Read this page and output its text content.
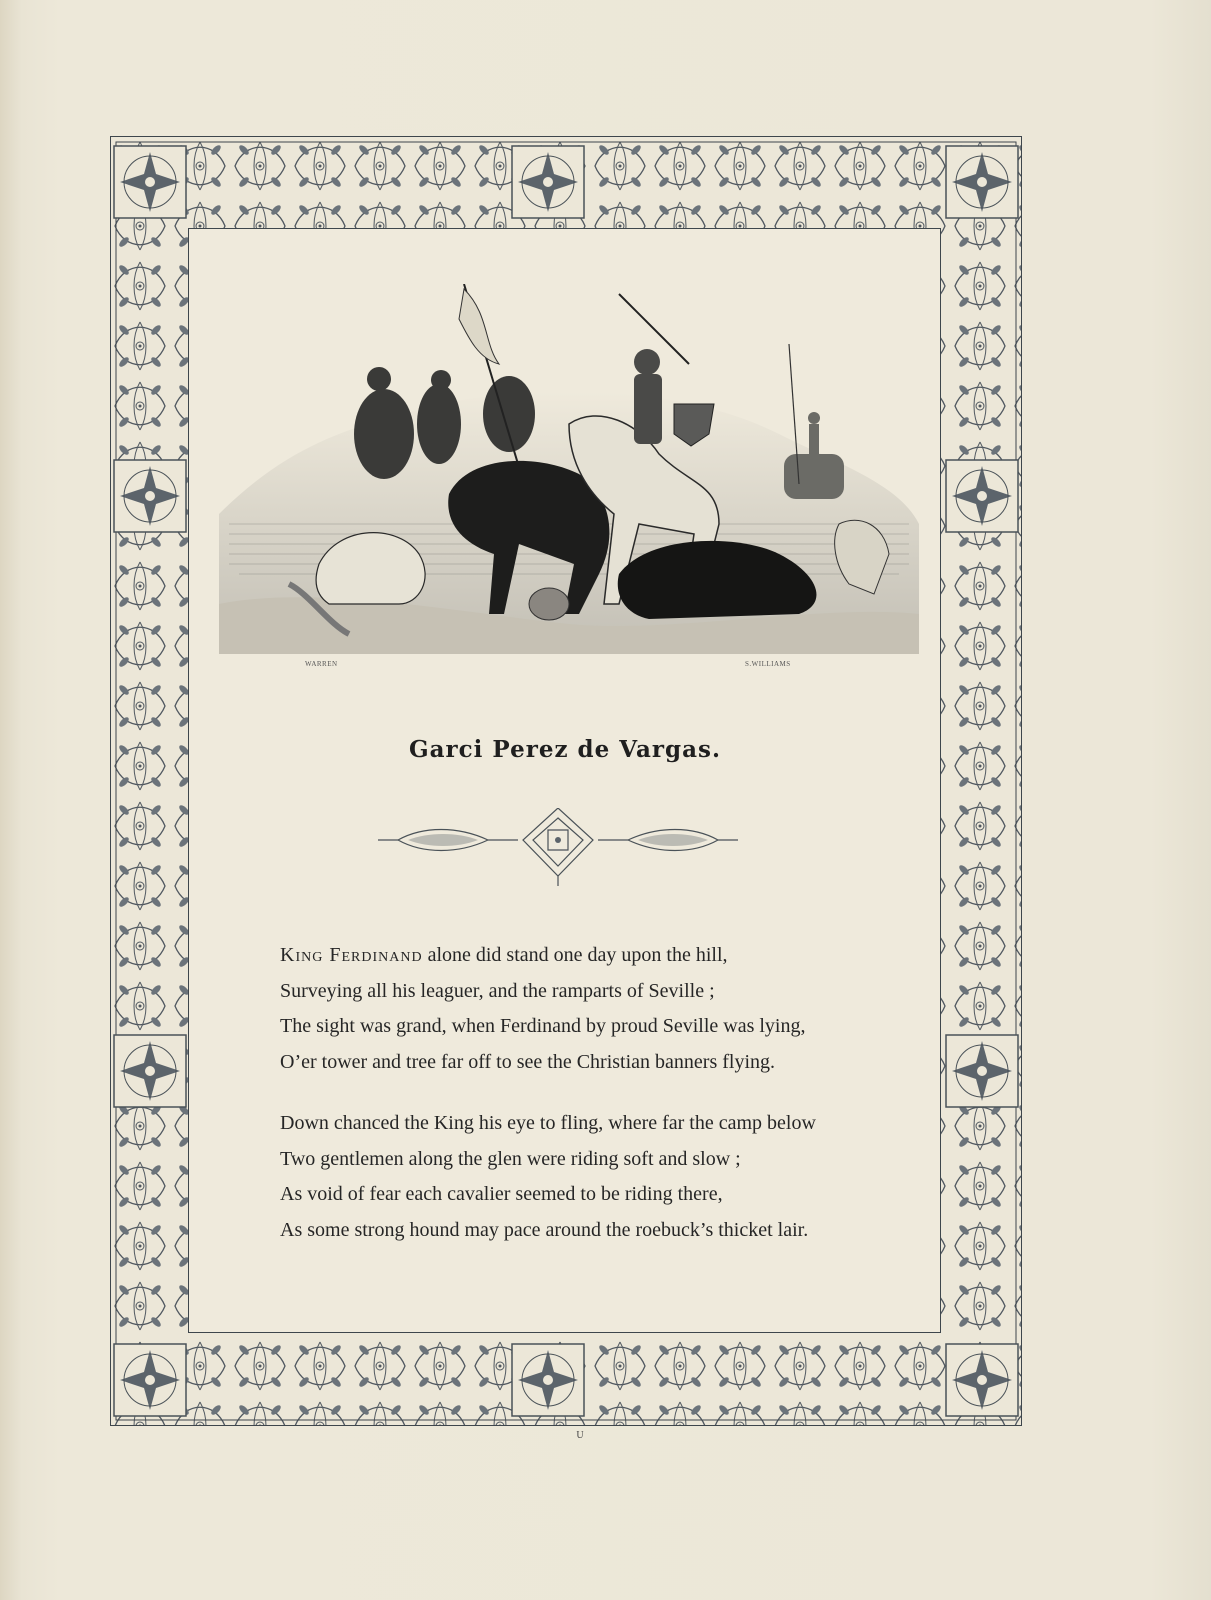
WARREN	S.WILLIAMS
Garci Perez de Vargas.
King Ferdinand alone did stand one day upon the hill,
Surveying all his leaguer, and the ramparts of Seville ;
The sight was grand, when Ferdinand by proud Seville was lying,
O’er tower and tree far off to see the Christian banners flying.
Down chanced the King his eye to fling, where far the camp below
Two gentlemen along the glen were riding soft and slow ;
As void of fear each cavalier seemed to be riding there,
As some strong hound may pace around the roebuck’s thicket lair.
U
